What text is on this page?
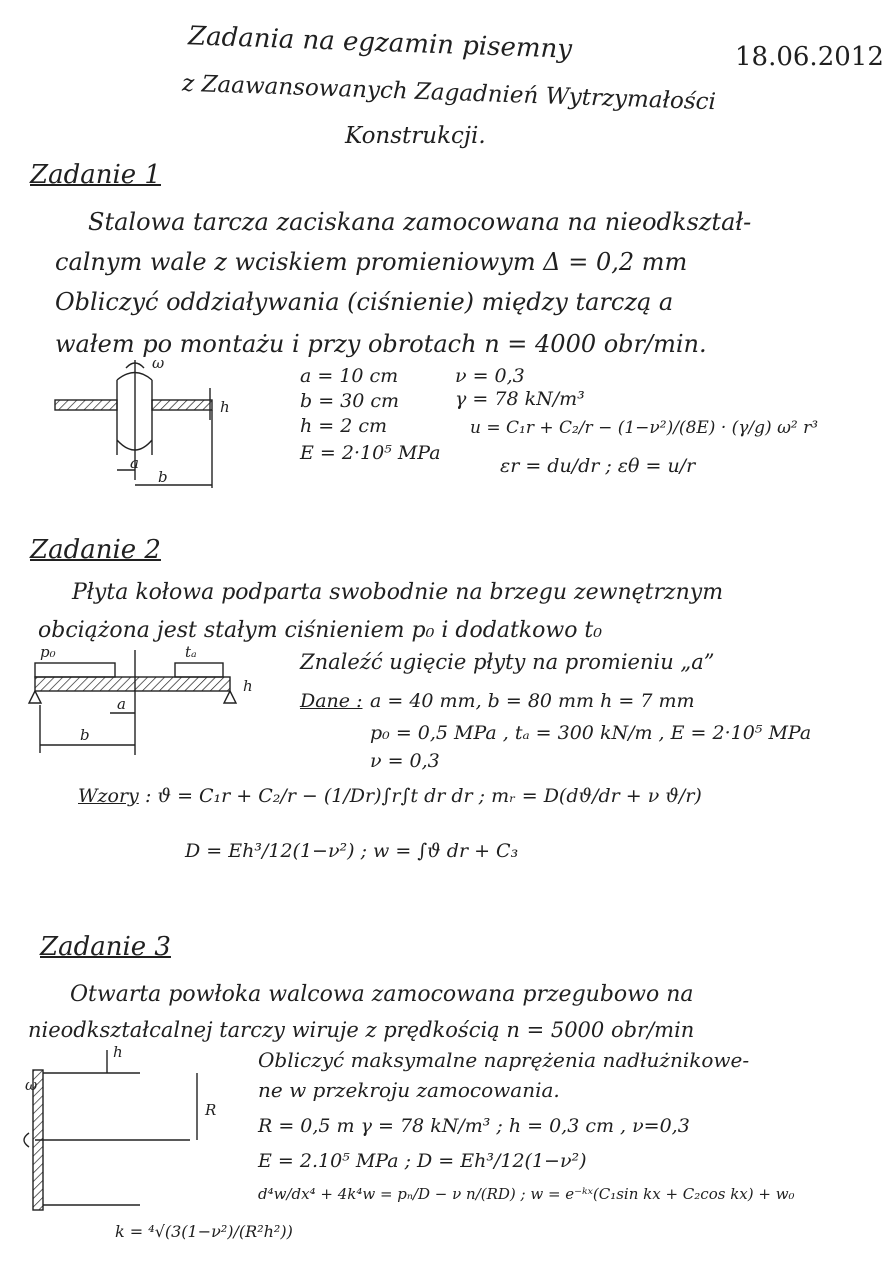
Zadania na egzamin pisemny	18.06.2012
z Zaawansowanych Zagadnień Wytrzymałości
Konstrukcji.
Zadanie 1
Stalowa tarcza zaciskana zamocowana na nieodkształ-
calnym wale z wciskiem promieniowym Δ = 0,2 mm
Obliczyć oddziaływania (ciśnienie) między tarczą a
wałem po montażu i przy obrotach n = 4000 obr/min.
ω
h
a
b
a = 10 cm
b = 30 cm
h = 2 cm
E = 2·10⁵ MPa
ν = 0,3
γ = 78 kN/m³
u = C₁r + C₂/r − (1−ν²)/(8E) · (γ/g) ω² r³
εr = du/dr ; εθ = u/r
Zadanie 2
Płyta kołowa podparta swobodnie na brzegu zewnętrznym
obciążona jest stałym ciśnieniem p₀ i dodatkowo t₀
p₀	tₐ
h
a
b
Znaleźć ugięcie płyty na promieniu „a”
Dane : a = 40 mm, b = 80 mm h = 7 mm
p₀ = 0,5 MPa , tₐ = 300 kN/m , E = 2·10⁵ MPa
ν = 0,3
Wzory : ϑ = C₁r + C₂/r − (1/Dr)∫r∫t dr dr ; mᵣ = D(dϑ/dr + ν ϑ/r)
D = Eh³/12(1−ν²) ; w = ∫ϑ dr + C₃
Zadanie 3
Otwarta powłoka walcowa zamocowana przegubowo na
nieodkształcalnej tarczy wiruje z prędkością n = 5000 obr/min
R
h
ω
Obliczyć maksymalne naprężenia nadłużnikowe-
ne w przekroju zamocowania.
R = 0,5 m γ = 78 kN/m³ ; h = 0,3 cm , ν=0,3
E = 2.10⁵ MPa ; D = Eh³/12(1−ν²)
d⁴w/dx⁴ + 4k⁴w = pₙ/D − ν n/(RD) ; w = e⁻ᵏˣ(C₁sin kx + C₂cos kx) + w₀
k = ⁴√(3(1−ν²)/(R²h²))
